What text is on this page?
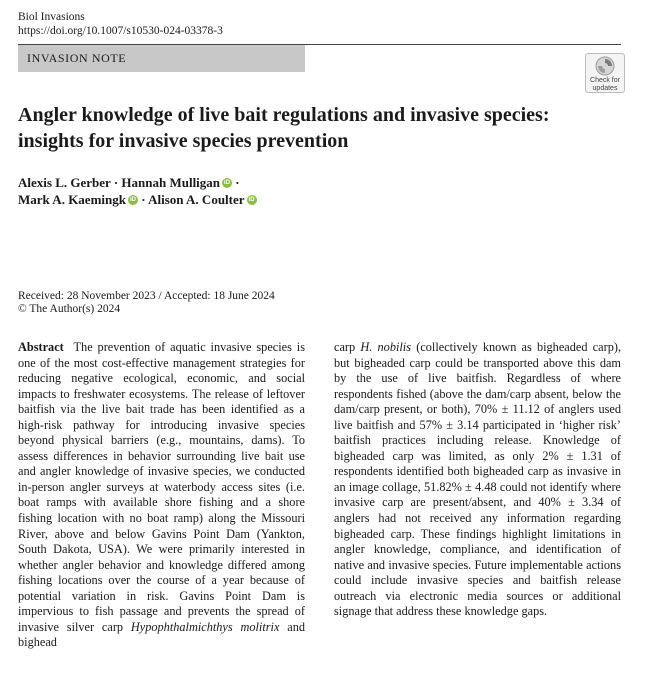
Biol Invasions
https://doi.org/10.1007/s10530-024-03378-3
INVASION NOTE
Check for
updates
Angler knowledge of live bait regulations and invasive species: insights for invasive species prevention
Alexis L. Gerber · Hannah Mulligan iD ·
Mark A. Kaemingk iD · Alison A. Coulter iD
Received: 28 November 2023 / Accepted: 18 June 2024
© The Author(s) 2024

Abstract The prevention of aquatic invasive species is one of the most cost-effective management strategies for reducing negative ecological, economic, and social impacts to freshwater ecosystems. The release of leftover baitfish via the live bait trade has been identified as a high-risk pathway for introducing invasive species beyond physical barriers (e.g., mountains, dams). To assess differences in behavior surrounding live bait use and angler knowledge of invasive species, we conducted in-person angler surveys at waterbody access sites (i.e. boat ramps with available shore fishing and a shore fishing location with no boat ramp) along the Missouri River, above and below Gavins Point Dam (Yankton, South Dakota, USA). We were primarily interested in whether angler behavior and knowledge differed among fishing locations over the course of a year because of potential variation in risk. Gavins Point Dam is impervious to fish passage and prevents the spread of invasive silver carp Hypophthalmichthys molitrix and bighead

carp H. nobilis (collectively known as bigheaded carp), but bigheaded carp could be transported above this dam by the use of live baitfish. Regardless of where respondents fished (above the dam/carp absent, below the dam/carp present, or both), 70% ± 11.12 of anglers used live baitfish and 57% ± 3.14 participated in ‘higher risk’ baitfish practices including release. Knowledge of bigheaded carp was limited, as only 2% ± 1.31 of respondents identified both bigheaded carp as invasive in an image collage, 51.82% ± 4.48 could not identify where invasive carp are present/absent, and 40% ± 3.34 of anglers had not received any information regarding bigheaded carp. These findings highlight limitations in angler knowledge, compliance, and identification of native and invasive species. Future implementable actions could include invasive species and baitfish release outreach via electronic media sources or additional signage that address these knowledge gaps.
